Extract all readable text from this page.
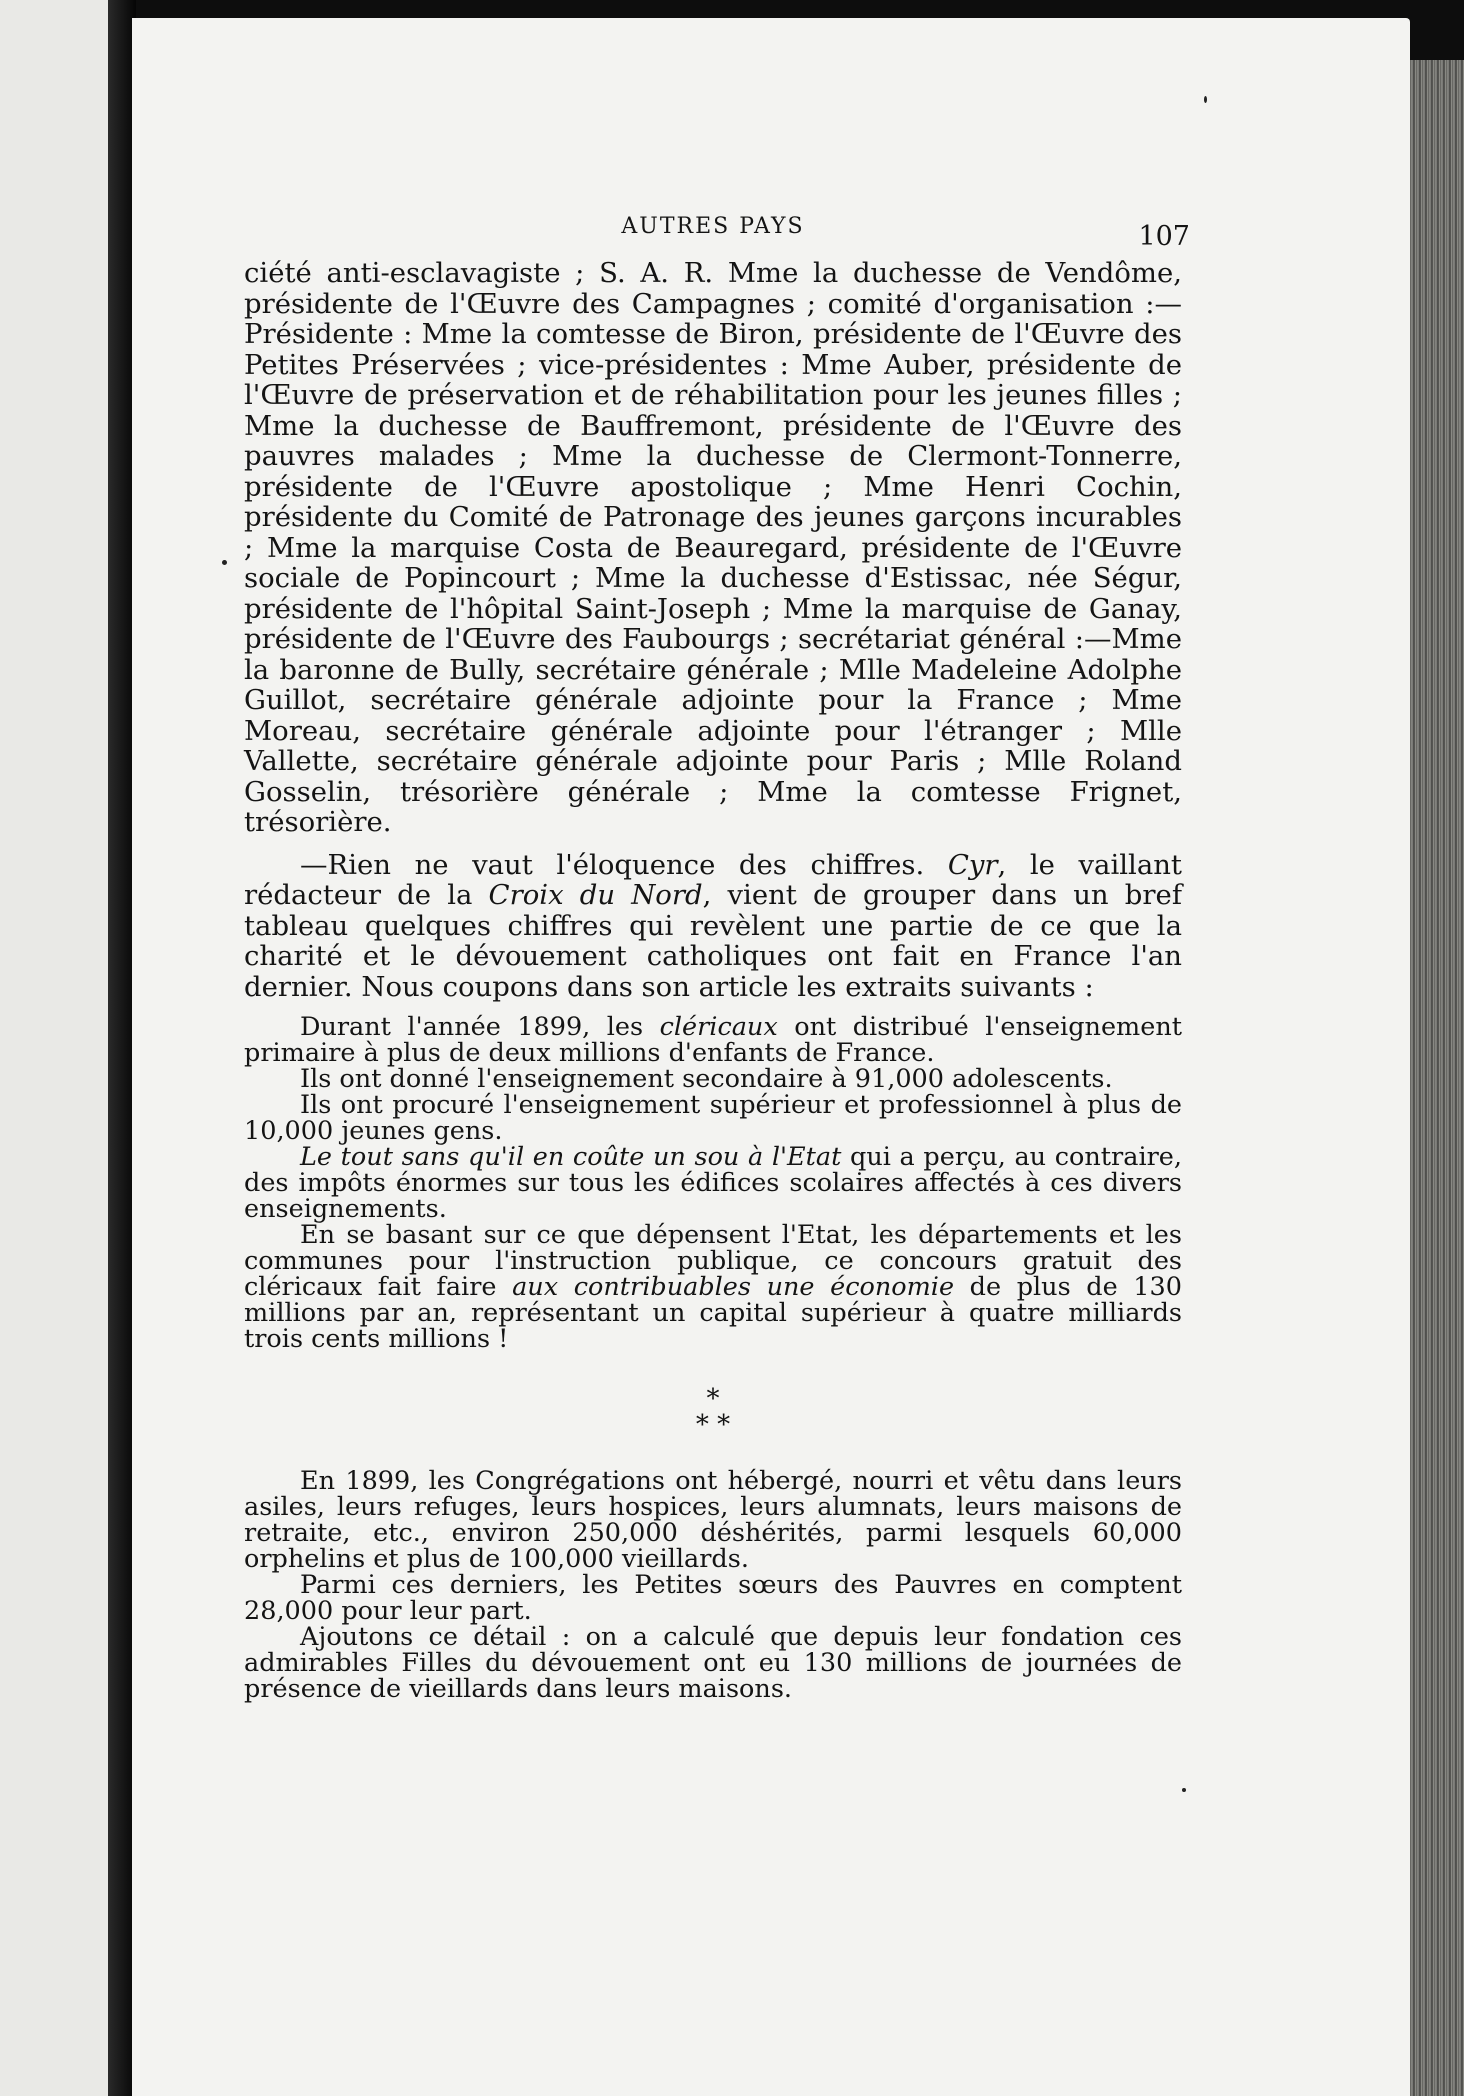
AUTRES PAYS	107

ciété anti-esclavagiste ; S. A. R. Mme la duchesse de Vendôme, présidente de l'Œuvre des Campagnes ; comité d'organisation :—Présidente : Mme la comtesse de Biron, présidente de l'Œuvre des Petites Préservées ; vice-présidentes : Mme Auber, présidente de l'Œuvre de préservation et de réhabilitation pour les jeunes filles ; Mme la duchesse de Bauffremont, présidente de l'Œuvre des pauvres malades ; Mme la duchesse de Clermont-Tonnerre, présidente de l'Œuvre apostolique ; Mme Henri Cochin, présidente du Comité de Patronage des jeunes garçons incurables ; Mme la marquise Costa de Beauregard, présidente de l'Œuvre sociale de Popincourt ; Mme la duchesse d'Estissac, née Ségur, présidente de l'hôpital Saint-Joseph ; Mme la marquise de Ganay, présidente de l'Œuvre des Faubourgs ; secrétariat général :—Mme la baronne de Bully, secrétaire générale ; Mlle Madeleine Adolphe Guillot, secrétaire générale adjointe pour la France ; Mme Moreau, secrétaire générale adjointe pour l'étranger ; Mlle Vallette, secrétaire générale adjointe pour Paris ; Mlle Roland Gosselin, trésorière générale ; Mme la comtesse Frignet, trésorière.

—Rien ne vaut l'éloquence des chiffres. Cyr, le vaillant rédacteur de la Croix du Nord, vient de grouper dans un bref tableau quelques chiffres qui revèlent une partie de ce que la charité et le dévouement catholiques ont fait en France l'an dernier. Nous coupons dans son article les extraits suivants :

Durant l'année 1899, les cléricaux ont distribué l'enseignement primaire à plus de deux millions d'enfants de France.

Ils ont donné l'enseignement secondaire à 91,000 adolescents.

Ils ont procuré l'enseignement supérieur et professionnel à plus de 10,000 jeunes gens.

Le tout sans qu'il en coûte un sou à l'Etat qui a perçu, au contraire, des impôts énormes sur tous les édifices scolaires affectés à ces divers enseignements.

En se basant sur ce que dépensent l'Etat, les départements et les communes pour l'instruction publique, ce concours gratuit des cléricaux fait faire aux contribuables une économie de plus de 130 millions par an, représentant un capital supérieur à quatre milliards trois cents millions !

*
* *

En 1899, les Congrégations ont hébergé, nourri et vêtu dans leurs asiles, leurs refuges, leurs hospices, leurs alumnats, leurs maisons de retraite, etc., environ 250,000 déshérités, parmi lesquels 60,000 orphelins et plus de 100,000 vieillards.

Parmi ces derniers, les Petites sœurs des Pauvres en comptent 28,000 pour leur part.

Ajoutons ce détail : on a calculé que depuis leur fondation ces admirables Filles du dévouement ont eu 130 millions de journées de présence de vieillards dans leurs maisons.
